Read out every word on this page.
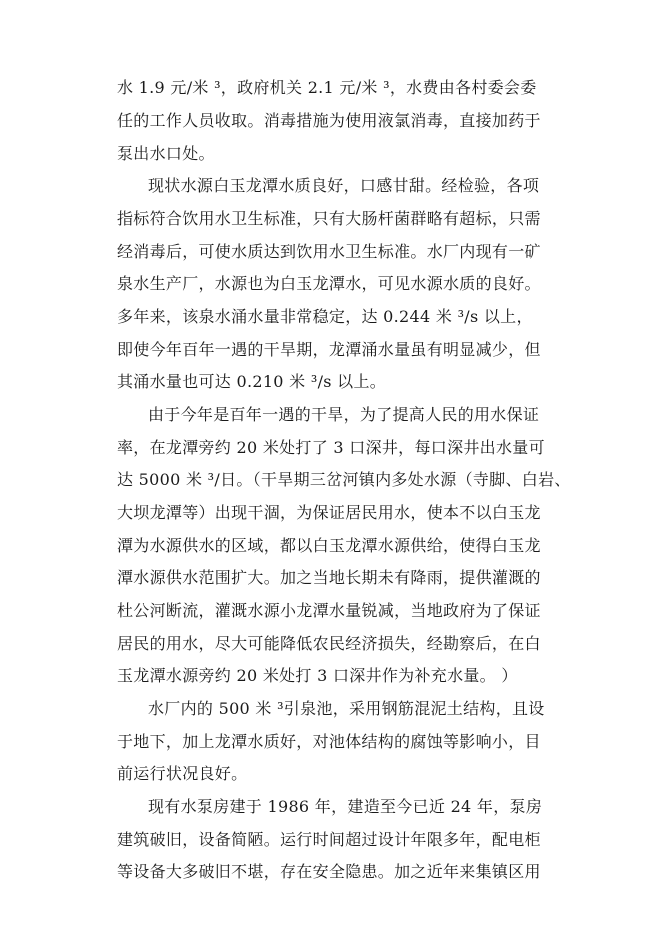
水 1.9 元/米 ³，政府机关 2.1 元/米 ³，水费由各村委会委

任的工作人员收取。消毒措施为使用液氯消毒，直接加药于

泵出水口处。

现状水源白玉龙潭水质良好，口感甘甜。经检验，各项

指标符合饮用水卫生标准，只有大肠杆菌群略有超标，只需

经消毒后，可使水质达到饮用水卫生标准。水厂内现有一矿

泉水生产厂，水源也为白玉龙潭水，可见水源水质的良好。

多年来，该泉水涌水量非常稳定，达 0.244 米 ³/s 以上，

即使今年百年一遇的干旱期，龙潭涌水量虽有明显减少，但

其涌水量也可达 0.210 米 ³/s 以上。

由于今年是百年一遇的干旱，为了提高人民的用水保证

率，在龙潭旁约 20 米处打了 3 口深井，每口深井出水量可

达 5000 米 ³/日。（干旱期三岔河镇内多处水源（寺脚、白岩、

大坝龙潭等）出现干涸，为保证居民用水，使本不以白玉龙

潭为水源供水的区域，都以白玉龙潭水源供给，使得白玉龙

潭水源供水范围扩大。加之当地长期未有降雨，提供灌溉的

杜公河断流，灌溉水源小龙潭水量锐减，当地政府为了保证

居民的用水，尽大可能降低农民经济损失，经勘察后，在白

玉龙潭水源旁约 20 米处打 3 口深井作为补充水量。 ）

水厂内的 500 米 ³引泉池，采用钢筋混泥土结构，且设

于地下，加上龙潭水质好，对池体结构的腐蚀等影响小，目

前运行状况良好。

现有水泵房建于 1986 年，建造至今已近 24 年，泵房

建筑破旧，设备简陋。运行时间超过设计年限多年，配电柜

等设备大多破旧不堪，存在安全隐患。加之近年来集镇区用
